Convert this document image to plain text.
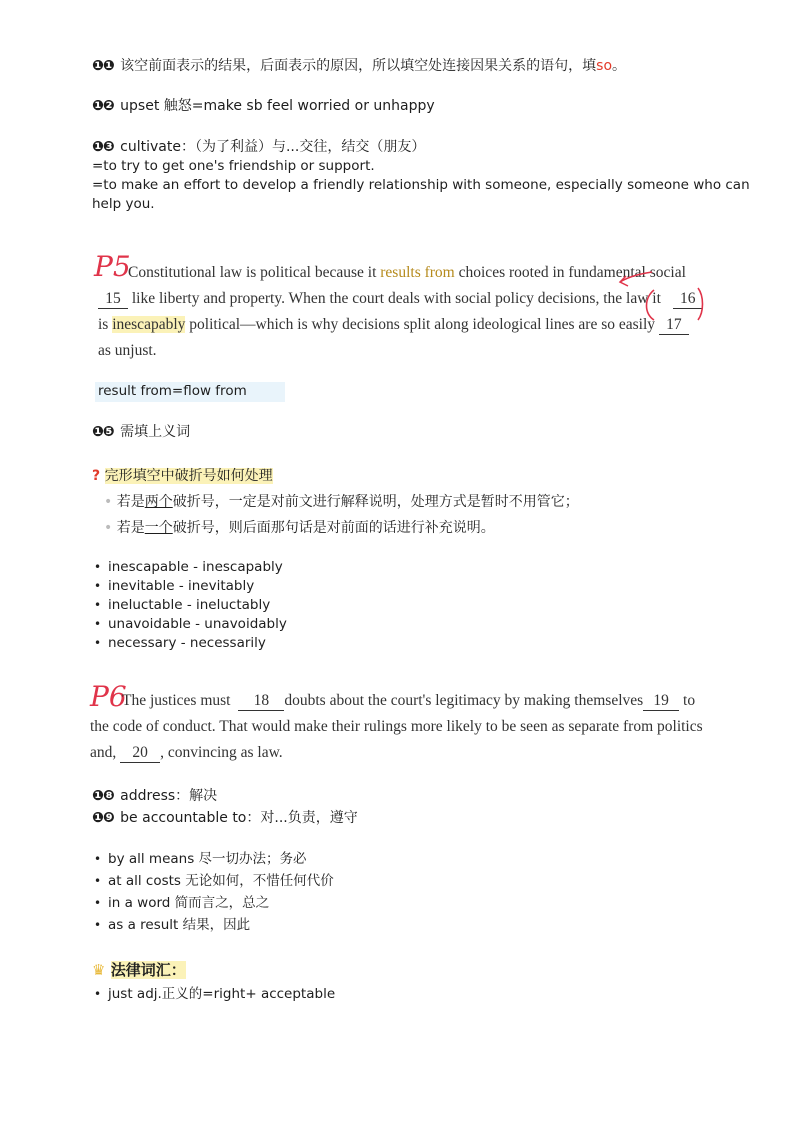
❶❶ 该空前面表示的结果，后面表示的原因，所以填空处连接因果关系的语句，填so。
❶❷ upset 触怒=make sb feel worried or unhappy
❶❸ cultivate：（为了利益）与...交往，结交（朋友）
=to try to get one's friendship or support.
=to make an effort to develop a friendly relationship with someone, especially someone who can
help you.
P5
Constitutional law is political because it results from choices rooted in fundamental social
15 like liberty and property. When the court deals with social policy decisions, the law it 16
is inescapably political—which is why decisions split along ideological lines are so easily 17
as unjust.
result from=flow from
❶❺ 需填上义词
? 完形填空中破折号如何处理
• 若是两个破折号，一定是对前文进行解释说明，处理方式是暂时不用管它；
• 若是一个破折号，则后面那句话是对前面的话进行补充说明。
• inescapable - inescapably
• inevitable - inevitably
• ineluctable - ineluctably
• unavoidable - unavoidably
• necessary - necessarily
P6
The justices must 18 doubts about the court's legitimacy by making themselves 19 to
the code of conduct. That would make their rulings more likely to be seen as separate from politics
and, 20 , convincing as law.
❶❽ address：解决
❶❾ be accountable to：对...负责，遵守
• by all means 尽一切办法；务必
• at all costs 无论如何，不惜任何代价
• in a word 简而言之，总之
• as a result 结果，因此
♛ 法律词汇：
• just adj.正义的=right+ acceptable
